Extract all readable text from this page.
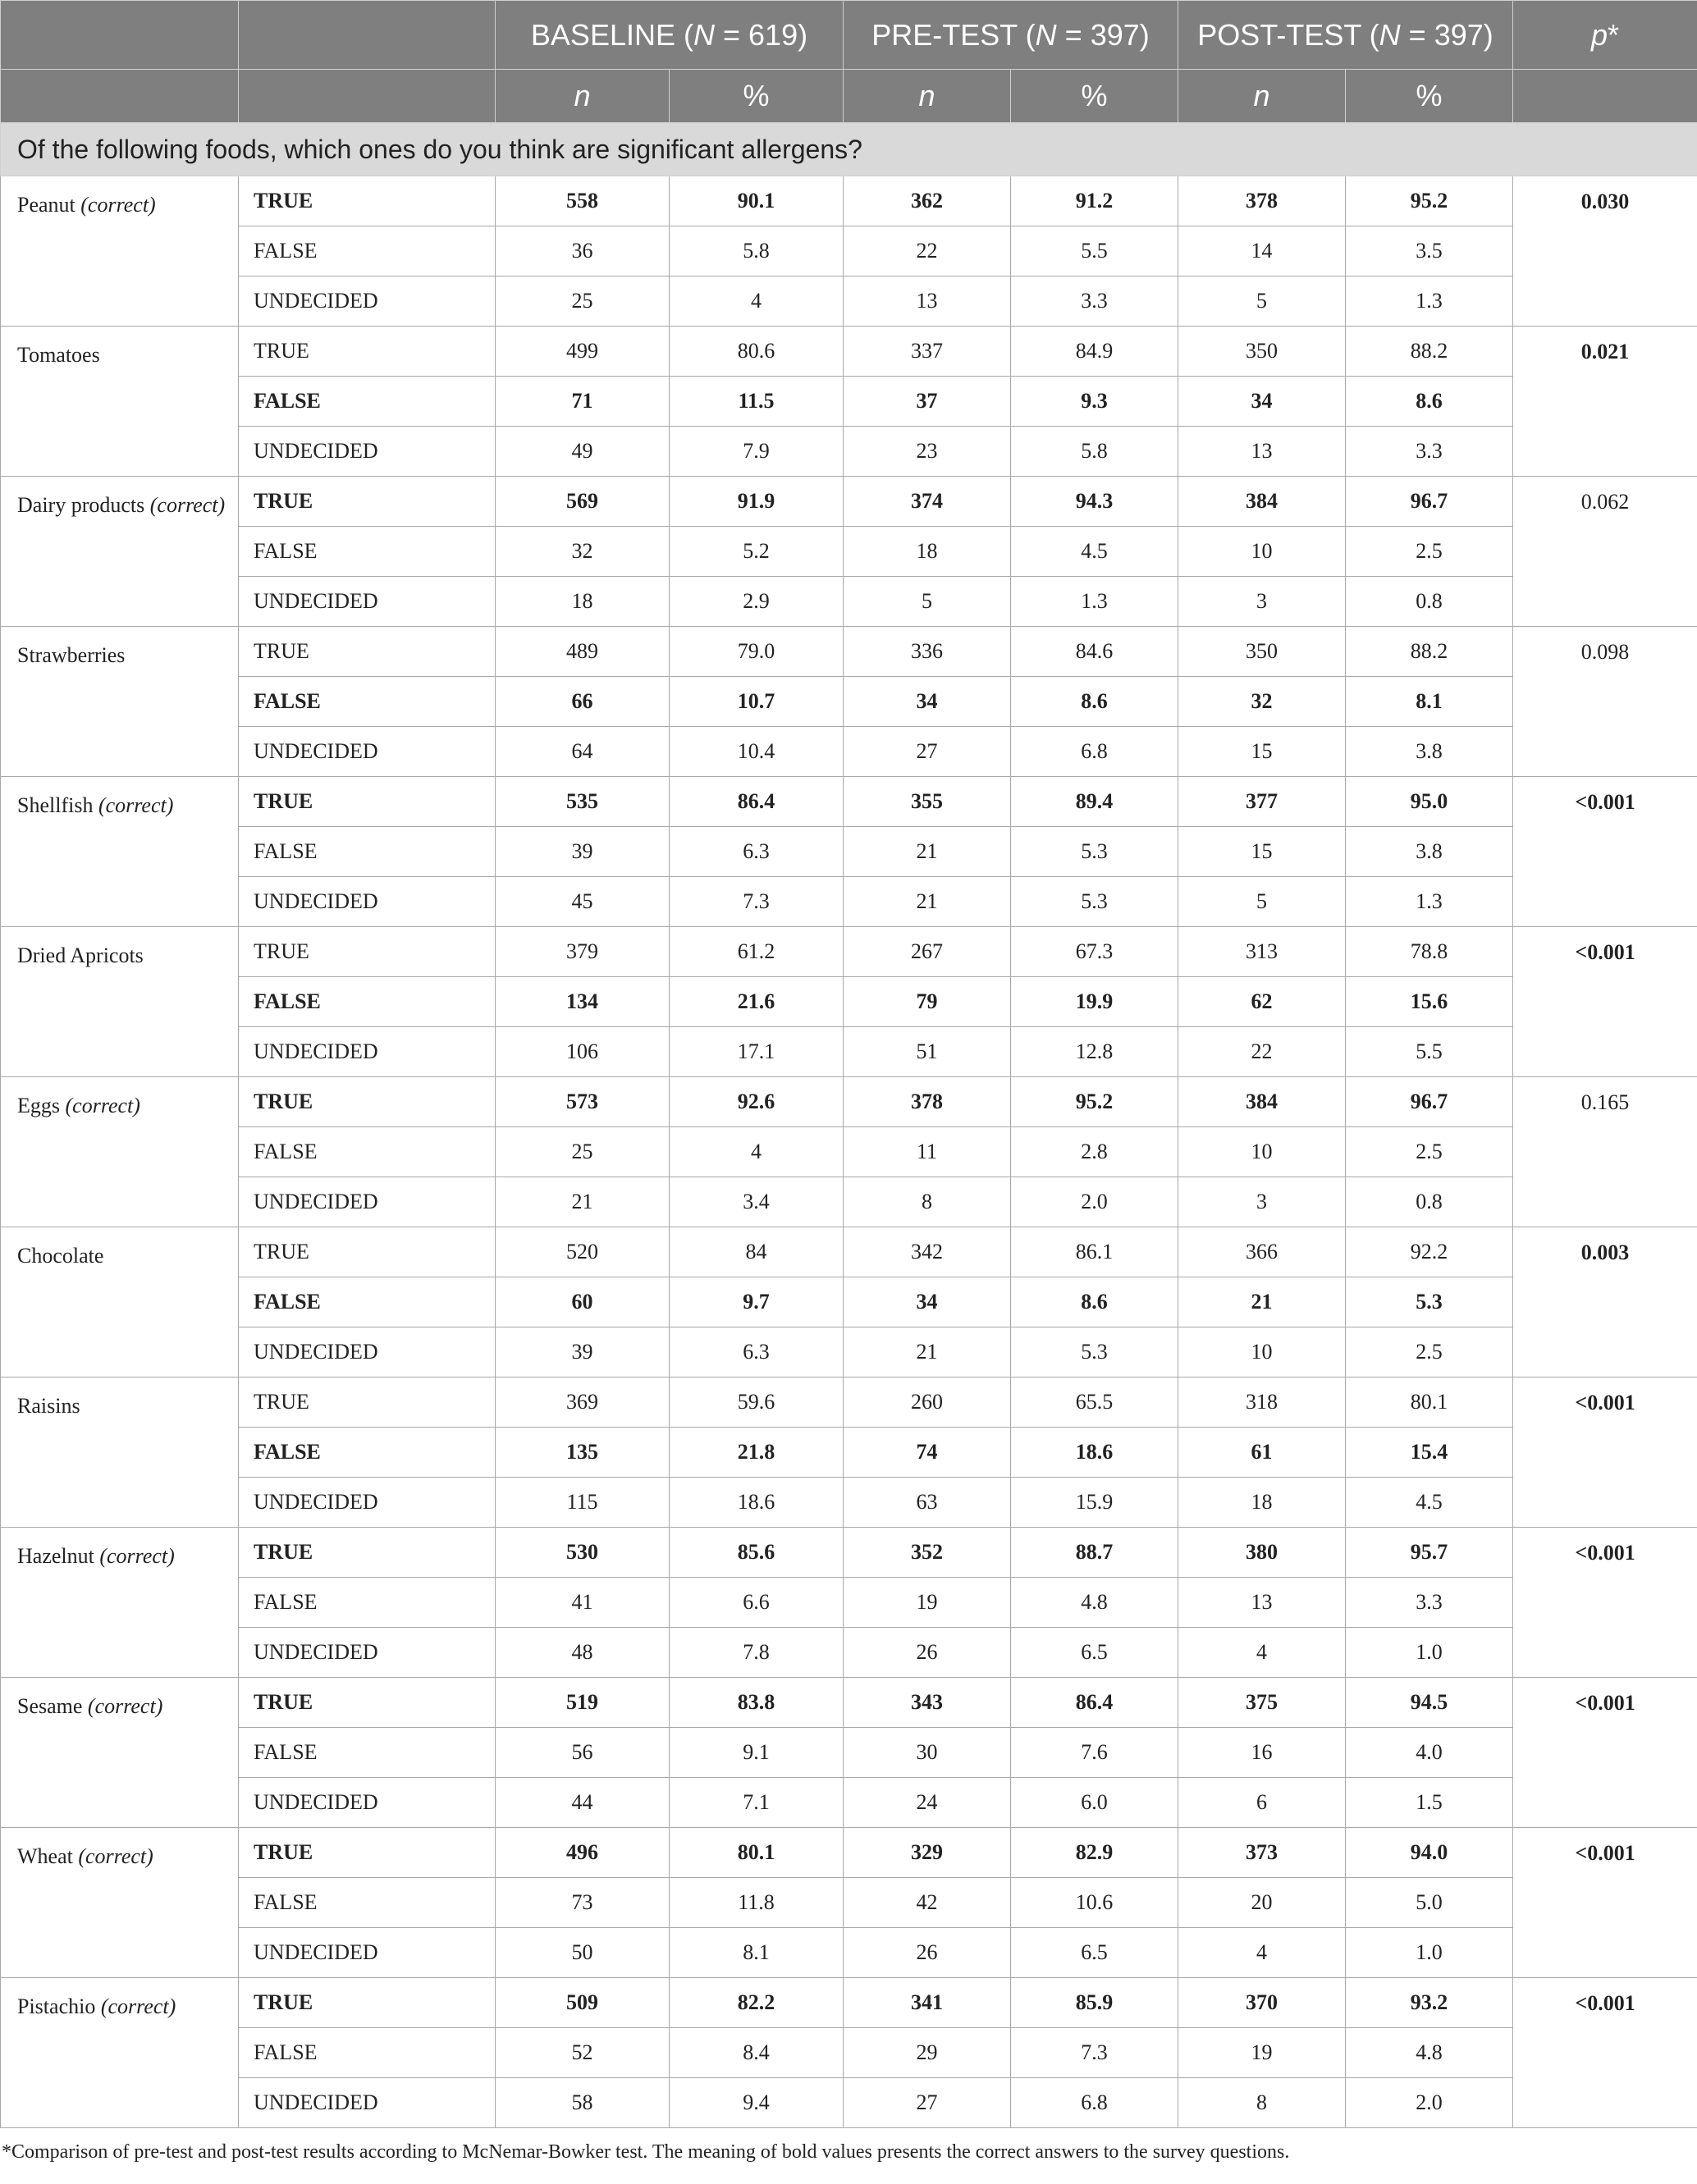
		BASELINE (N = 619)		PRE-TEST (N = 397)		POST-TEST (N = 397)		p*
		n	%	n	%	n	%	
Of the following foods, which ones do you think are significant allergens?								
Peanut (correct)	TRUE	558	90.1	362	91.2	378	95.2	0.030
	FALSE	36	5.8	22	5.5	14	3.5	
	UNDECIDED	25	4	13	3.3	5	1.3	
Tomatoes	TRUE	499	80.6	337	84.9	350	88.2	0.021
	FALSE	71	11.5	37	9.3	34	8.6	
	UNDECIDED	49	7.9	23	5.8	13	3.3	
Dairy products (correct)	TRUE	569	91.9	374	94.3	384	96.7	0.062
	FALSE	32	5.2	18	4.5	10	2.5	
	UNDECIDED	18	2.9	5	1.3	3	0.8	
Strawberries	TRUE	489	79.0	336	84.6	350	88.2	0.098
	FALSE	66	10.7	34	8.6	32	8.1	
	UNDECIDED	64	10.4	27	6.8	15	3.8	
Shellfish (correct)	TRUE	535	86.4	355	89.4	377	95.0	<0.001
	FALSE	39	6.3	21	5.3	15	3.8	
	UNDECIDED	45	7.3	21	5.3	5	1.3	
Dried Apricots	TRUE	379	61.2	267	67.3	313	78.8	<0.001
	FALSE	134	21.6	79	19.9	62	15.6	
	UNDECIDED	106	17.1	51	12.8	22	5.5	
Eggs (correct)	TRUE	573	92.6	378	95.2	384	96.7	0.165
	FALSE	25	4	11	2.8	10	2.5	
	UNDECIDED	21	3.4	8	2.0	3	0.8	
Chocolate	TRUE	520	84	342	86.1	366	92.2	0.003
	FALSE	60	9.7	34	8.6	21	5.3	
	UNDECIDED	39	6.3	21	5.3	10	2.5	
Raisins	TRUE	369	59.6	260	65.5	318	80.1	<0.001
	FALSE	135	21.8	74	18.6	61	15.4	
	UNDECIDED	115	18.6	63	15.9	18	4.5	
Hazelnut (correct)	TRUE	530	85.6	352	88.7	380	95.7	<0.001
	FALSE	41	6.6	19	4.8	13	3.3	
	UNDECIDED	48	7.8	26	6.5	4	1.0	
Sesame (correct)	TRUE	519	83.8	343	86.4	375	94.5	<0.001
	FALSE	56	9.1	30	7.6	16	4.0	
	UNDECIDED	44	7.1	24	6.0	6	1.5	
Wheat (correct)	TRUE	496	80.1	329	82.9	373	94.0	<0.001
	FALSE	73	11.8	42	10.6	20	5.0	
	UNDECIDED	50	8.1	26	6.5	4	1.0	
Pistachio (correct)	TRUE	509	82.2	341	85.9	370	93.2	<0.001
	FALSE	52	8.4	29	7.3	19	4.8	
	UNDECIDED	58	9.4	27	6.8	8	2.0	
*Comparison of pre-test and post-test results according to McNemar-Bowker test. The meaning of bold values presents the correct answers to the survey questions.
